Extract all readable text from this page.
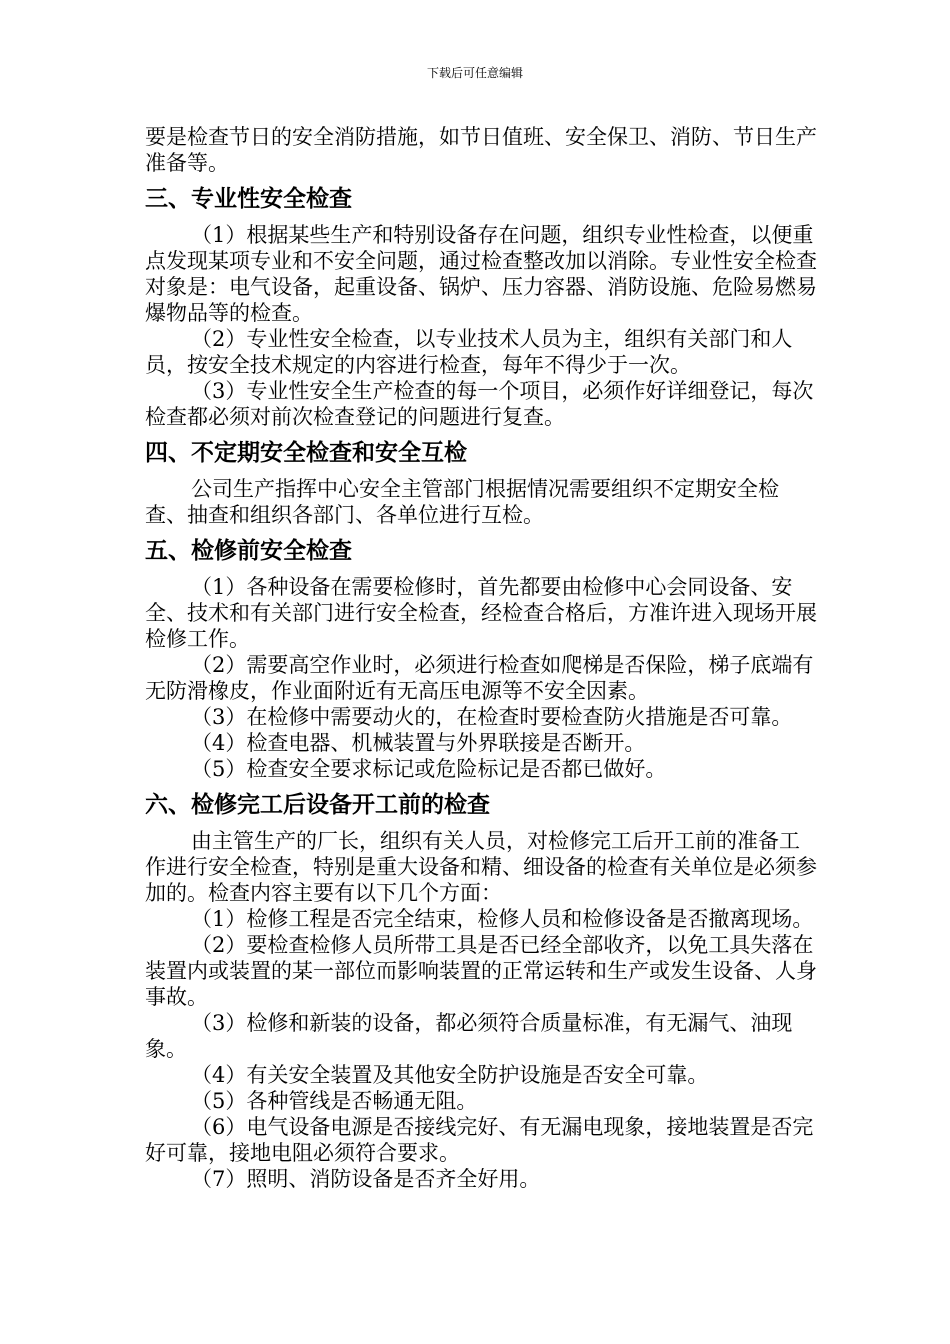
下载后可任意编辑

要是检查节日的安全消防措施，如节日值班、安全保卫、消防、节日生产准备等。

三、专业性安全检查

（1）根据某些生产和特别设备存在问题，组织专业性检查，以便重点发现某项专业和不安全问题，通过检查整改加以消除。专业性安全检查对象是：电气设备，起重设备、锅炉、压力容器、消防设施、危险易燃易爆物品等的检查。

（2）专业性安全检查，以专业技术人员为主，组织有关部门和人员，按安全技术规定的内容进行检查，每年不得少于一次。

（3）专业性安全生产检查的每一个项目，必须作好详细登记，每次检查都必须对前次检查登记的问题进行复查。

四、不定期安全检查和安全互检

公司生产指挥中心安全主管部门根据情况需要组织不定期安全检查、抽查和组织各部门、各单位进行互检。

五、检修前安全检查

（1）各种设备在需要检修时，首先都要由检修中心会同设备、安全、技术和有关部门进行安全检查，经检查合格后，方准许进入现场开展检修工作。

（2）需要高空作业时，必须进行检查如爬梯是否保险，梯子底端有无防滑橡皮，作业面附近有无高压电源等不安全因素。

（3）在检修中需要动火的，在检查时要检查防火措施是否可靠。

（4）检查电器、机械装置与外界联接是否断开。

（5）检查安全要求标记或危险标记是否都已做好。

六、检修完工后设备开工前的检查

由主管生产的厂长，组织有关人员，对检修完工后开工前的准备工作进行安全检查，特别是重大设备和精、细设备的检查有关单位是必须参加的。检查内容主要有以下几个方面：

（1）检修工程是否完全结束，检修人员和检修设备是否撤离现场。

（2）要检查检修人员所带工具是否已经全部收齐，以免工具失落在装置内或装置的某一部位而影响装置的正常运转和生产或发生设备、人身事故。

（3）检修和新装的设备，都必须符合质量标准，有无漏气、油现象。

（4）有关安全装置及其他安全防护设施是否安全可靠。

（5）各种管线是否畅通无阻。

（6）电气设备电源是否接线完好、有无漏电现象，接地装置是否完好可靠，接地电阻必须符合要求。

（7）照明、消防设备是否齐全好用。
